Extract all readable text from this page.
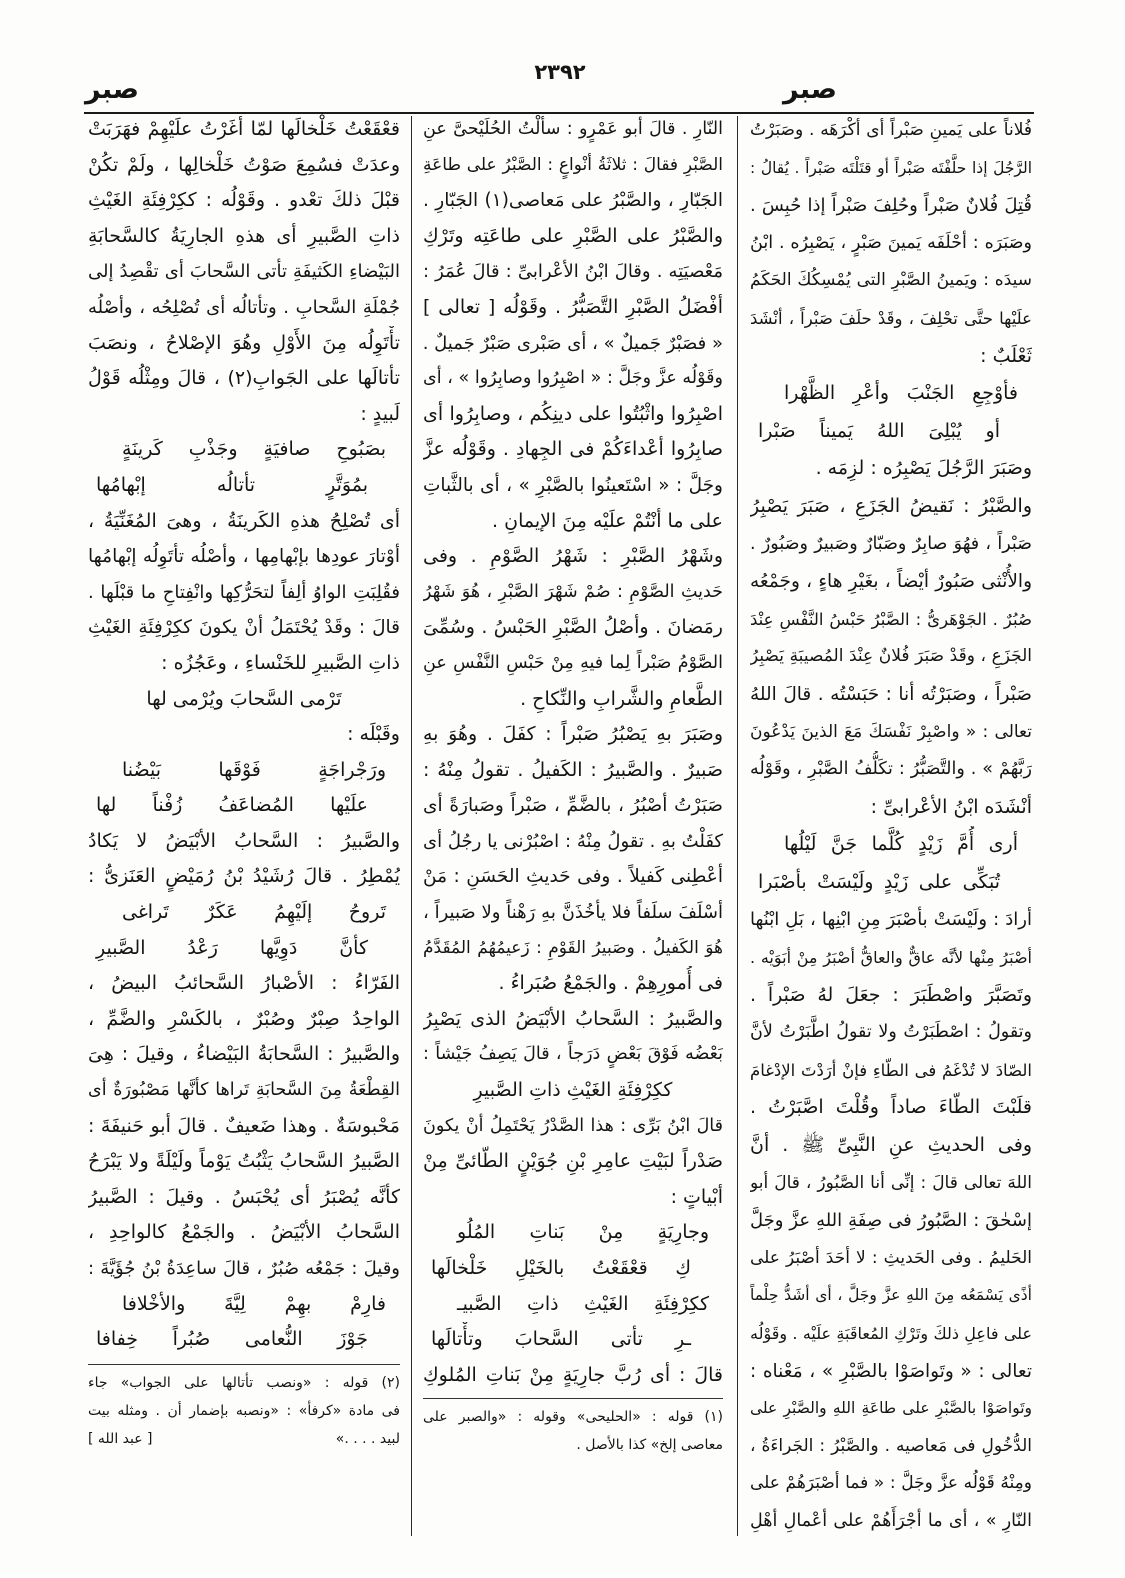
صبر
٢٣٩٢
صبر
فُلاناً على يَمينِ صَبْراً أى أكْرَهَه . وصَبَرْتُ
الرَّجُلَ إذا حلَّفْتَه صَبْراً أو قتَلْتَه صَبْراً . يُقالُ :
قُتِلَ فُلانٌ صَبْراً وحُلِفَ صَبْراً إذا حُبِسَ .
وصَبَرَه : أحْلَفَه يَمينَ صَبْرٍ ، يَصْبِرُه . ابْنُ
سيدَه : ويَمينُ الصَّبْرِ التى يُمْسِكُكَ الحَكَمُ
علَيْها حتَّى تحْلِفَ ، وقَدْ حلَفَ صَبْراً ، أنْشَدَ
ثَعْلَبٌ :
فأوْجِعِ الجَنْبَ وأعْرِ الظَّهْرا
أو يُبْلِىَ اللهُ يَميناً صَبْرا
وصَبَرَ الرَّجُلَ يَصْبِرُه : لزِمَه .
والصَّبْرُ : نَقيضُ الجَزَعِ ، صَبَرَ يَصْبِرُ
صَبْراً ، فهُوَ صابِرٌ وصَبّارٌ وصَبيرٌ وصَبُورٌ .
والأُنْثى صَبُورٌ أيْضاً ، بغَيْرِ هاءٍ ، وجَمْعُه
صُبُرٌ . الجَوْهَرىُّ : الصَّبْرُ حَبْسُ النَّفْسِ عِنْدَ
الجَزَعِ ، وقَدْ صَبَرَ فُلانٌ عِنْدَ المُصيبَةِ يَصْبِرُ
صَبْراً ، وصَبَرْتُه أنا : حَبَسْتُه . قالَ اللهُ
تعالى : « واصْبِرْ نَفْسَكَ مَعَ الذينَ يَدْعُونَ
رَبَّهُمْ » . والتَّصَبُّرُ : تكَلُّفُ الصَّبْرِ ، وقَوْلُه
أنْشَدَه ابْنُ الأعْرابىِّ :
أرى أُمَّ زَيْدٍ كُلَّما جَنَّ لَيْلُها
تُبَكِّى على زَيْدٍ ولَيْسَتْ بأصْبَرا
أرادَ : ولَيْسَتْ بأصْبَرَ مِنِ ابْنِها ، بَلِ ابْنُها
أصْبَرُ مِنْها لأنَّه عاقٌّ والعاقُّ أصْبَرُ مِنْ أبَوَيْه .
وتَصَبَّرَ واصْطَبَرَ : جعَلَ لهُ صَبْراً .
وتقولُ : اصْطَبَرْتُ ولا تقولُ اطَّبَرْتُ لأنَّ
الصّادَ لا تُدْغَمُ فى الطّاءِ فإنْ أرَدْتَ الإدْغامَ
قلَبْتَ الطّاءَ صاداً وقُلْتَ اصَّبَرْتُ .
وفى الحديثِ عنِ النَّبِىِّ ﷺ . أنَّ
اللهَ تعالى قالَ : إنِّى أنا الصَّبُورُ ، قالَ أبو
إسْحٰقَ : الصَّبُورُ فى صِفَةِ اللهِ عزَّ وجَلَّ
الحَليمُ . وفى الحَديثِ : لا أحَدَ أصْبَرُ على
أذًى يَسْمَعُه مِنَ اللهِ عزَّ وجَلَّ ، أى أشَدُّ حِلْماً
على فاعِلِ ذلكَ وتَرْكِ المُعاقَبَةِ علَيْه . وقَوْلُه
تعالى : « وتَواصَوْا بالصَّبْرِ » ، مَعْناه :
وتَواصَوْا بالصَّبْرِ على طاعَةِ اللهِ والصَّبْرِ على
الدُّخُولِ فى مَعاصيه . والصَّبْرُ : الجَراءَةُ ،
ومِنْهُ قَوْلُه عزَّ وجَلَّ : « فما أصْبَرَهُمْ على
النّارِ » ، أى ما أجْرَأَهُمْ على أعْمالِ أهْلِ
النّارِ . قالَ أبو عَمْرٍو : سألْتُ الحُلَيْحىَّ عنِ
الصَّبْرِ فقالَ : ثلاثَةُ أنْواعٍ : الصَّبْرُ على طاعَةِ
الجَبّارِ ، والصَّبْرُ على مَعاصى(١) الجَبّارِ .
والصَّبْرُ على الصَّبْرِ على طاعَتِه وتَرْكِ
مَعْصيَتِه . وقالَ ابْنُ الأعْرابىِّ : قالَ عُمَرُ :
أفْضَلُ الصَّبْرِ التَّصَبُّرُ . وقَوْلُه [ تعالى ]
« فصَبْرٌ جَميلٌ » ، أى صَبْرى صَبْرٌ جَميلٌ .
وقَوْلُه عزَّ وجَلَّ : « اصْبِرُوا وصابِرُوا » ، أى
اصْبِرُوا واثْبُتُوا على دينِكُم ، وصابِرُوا أى
صابِرُوا أعْداءَكُمْ فى الجِهادِ . وقَوْلُه عزَّ
وجَلَّ : « اسْتَعينُوا بالصَّبْرِ » ، أى بالثَّباتِ
على ما أنْتُمْ علَيْه مِنَ الإيمانِ .
وشَهْرُ الصَّبْرِ : شَهْرُ الصَّوْمِ . وفى
حَديثِ الصَّوْمِ : صُمْ شَهْرَ الصَّبْرِ ، هُوَ شَهْرُ
رمَضانَ . وأصْلُ الصَّبْرِ الحَبْسُ . وسُمِّىَ
الصَّوْمُ صَبْراً لِما فيهِ مِنْ حَبْسِ النَّفْسِ عنِ
الطَّعامِ والشَّرابِ والنِّكاحِ .
وصَبَرَ بهِ يَصْبُرُ صَبْراً : كفَلَ . وهُوَ بهِ
صَبيرٌ . والصَّبيرُ : الكَفيلُ . تقولُ مِنْهُ :
صَبَرْتُ أصْبُرُ ، بالضَّمِّ ، صَبْراً وصَبارَةً أى
كفَلْتُ بهِ . تقولُ مِنْهُ : اصْبُرْنى يا رجُلُ أى
أعْطِنى كَفيلاً . وفى حَديثِ الحَسَنِ : مَنْ
أسْلَفَ سلَفاً فلا يأخُذَنَّ بهِ رَهْناً ولا صَبيراً ،
هُوَ الكَفيلُ . وصَبيرُ القَوْمِ : زَعيمُهُمُ المُقَدَّمُ
فى أُمورِهِمْ . والجَمْعُ صُبَراءُ .
والصَّبيرُ : السَّحابُ الأبْيَضُ الذى يَصْبِرُ
بَعْضُه فَوْقَ بَعْضٍ دَرَجاً ، قالَ يَصِفُ جَيْشاً :
ككِرْفِئَةِ الغَيْثِ ذاتِ الصَّبيرِ
قالَ ابْنُ بَرِّى : هذا الصَّدْرُ يَحْتَمِلُ أنْ يكونَ
صَدْراً لبَيْتِ عامِرِ بْنِ جُوَيْنٍ الطّائىِّ مِنْ
أبْياتٍ :
وجارِيَةٍ مِنْ بَناتِ المُلُو
كِ قعْقَعْتُ بالخَيْلِ خَلْخالَها
ككِرْفِئَةِ الغَيْثِ ذاتِ الصَّبيـ
ـرِ تأتى السَّحابَ وتأْتالَها
قالَ : أى رُبَّ جارِيَةٍ مِنْ بَناتِ المُلوكِ
(١) قوله : «الحليحى» وقوله : «والصبر على
معاصى إلخ» كذا بالأصل .
قعْقَعْتُ خَلْخالَها لمّا أغَرْتُ علَيْهِمْ فهَرَبَتْ
وعدَتْ فسُمِعَ صَوْتُ خَلْخالِها ، ولَمْ تكُنْ
قبْلَ ذلكَ تعْدو . وقَوْلُه : ككِرْفِئَةِ الغَيْثِ
ذاتِ الصَّبيرِ أى هذهِ الجارِيَةُ كالسَّحابَةِ
البَيْضاءِ الكَثيفَةِ تأتى السَّحابَ أى تقْصِدُ إلى
جُمْلَةِ السَّحابِ . وتأتالُه أى تُصْلِحُه ، وأصْلُه
تأْتَوِلُه مِنَ الأَوْلِ وهُوَ الإصْلاحُ ، ونصَبَ
تأتالَها على الجَوابِ(٢) ، قالَ ومِثْلُه قَوْلُ
لَبيدٍ :
بصَبُوحِ صافيَةٍ وجَذْبِ كَرينَةٍ
بمُوَتَّرٍ تأتالُه إبْهامُها
أى تُصْلِحُ هذهِ الكَرينَةُ ، وهىَ المُغَنِّيَةُ ،
أوْتارَ عودِها بإبْهامِها ، وأصْلُه تأتَوِلُه إبْهامُها
فقُلِبَتِ الواوُ ألِفاً لتحَرُّكِها وانْفِتاحِ ما قبْلَها .
قالَ : وقَدْ يُحْتَمَلُ أنْ يكونَ ككِرْفِئَةِ الغَيْثِ
ذاتِ الصَّبيرِ للخَنْساءِ ، وعَجُزُه :
تَرْمى السَّحابَ ويُرْمى لها
وقَبْلَه :
ورَجْراجَةٍ فَوْقَها بَيْضُنا
علَيْها المُضاعَفُ زُفْناً لها
والصَّبيرُ : السَّحابُ الأبْيَضُ لا يَكادُ
يُمْطِرُ . قالَ رُشَيْدُ بْنُ رُمَيْضٍ العَنَزىُّ :
تَروحُ إلَيْهِمُ عَكَرٌ تَراغى
كأنَّ دَوِيَّها رَعْدُ الصَّبيرِ
الفَرّاءُ : الأصْبارُ السَّحائبُ البيضُ ،
الواحِدُ صِبْرٌ وصُبْرٌ ، بالكَسْرِ والضَّمِّ ،
والصَّبيرُ : السَّحابَةُ البَيْضاءُ ، وقيلَ : هِىَ
القِطْعَةُ مِنَ السَّحابَةِ تَراها كأنَّها مَصْبُورَةٌ أى
مَحْبوسَةٌ . وهذا ضَعيفٌ . قالَ أبو حَنيفَةَ :
الصَّبيرُ السَّحابُ يَثْبُتُ يَوْماً ولَيْلَةً ولا يَبْرَحُ
كأنَّه يُصْبَرُ أى يُحْبَسُ . وقيلَ : الصَّبيرُ
السَّحابُ الأبْيَضُ . والجَمْعُ كالواحِدِ ،
وقيلَ : جَمْعُه صُبُرٌ ، قالَ ساعِدَةُ بْنُ جُؤَيَّةَ :
فارِمْ بهِمْ لِيَّةَ والأخْلافا
جَوْزَ النُّعامى صُبُراً خِفافا
(٢) قوله : «ونصب تأتالها على الجواب» جاء
فى مادة «كرفأ» : «ونصبه بإضمار أن . ومثله بيت
لبيد . . . .»
[ عبد الله ]
